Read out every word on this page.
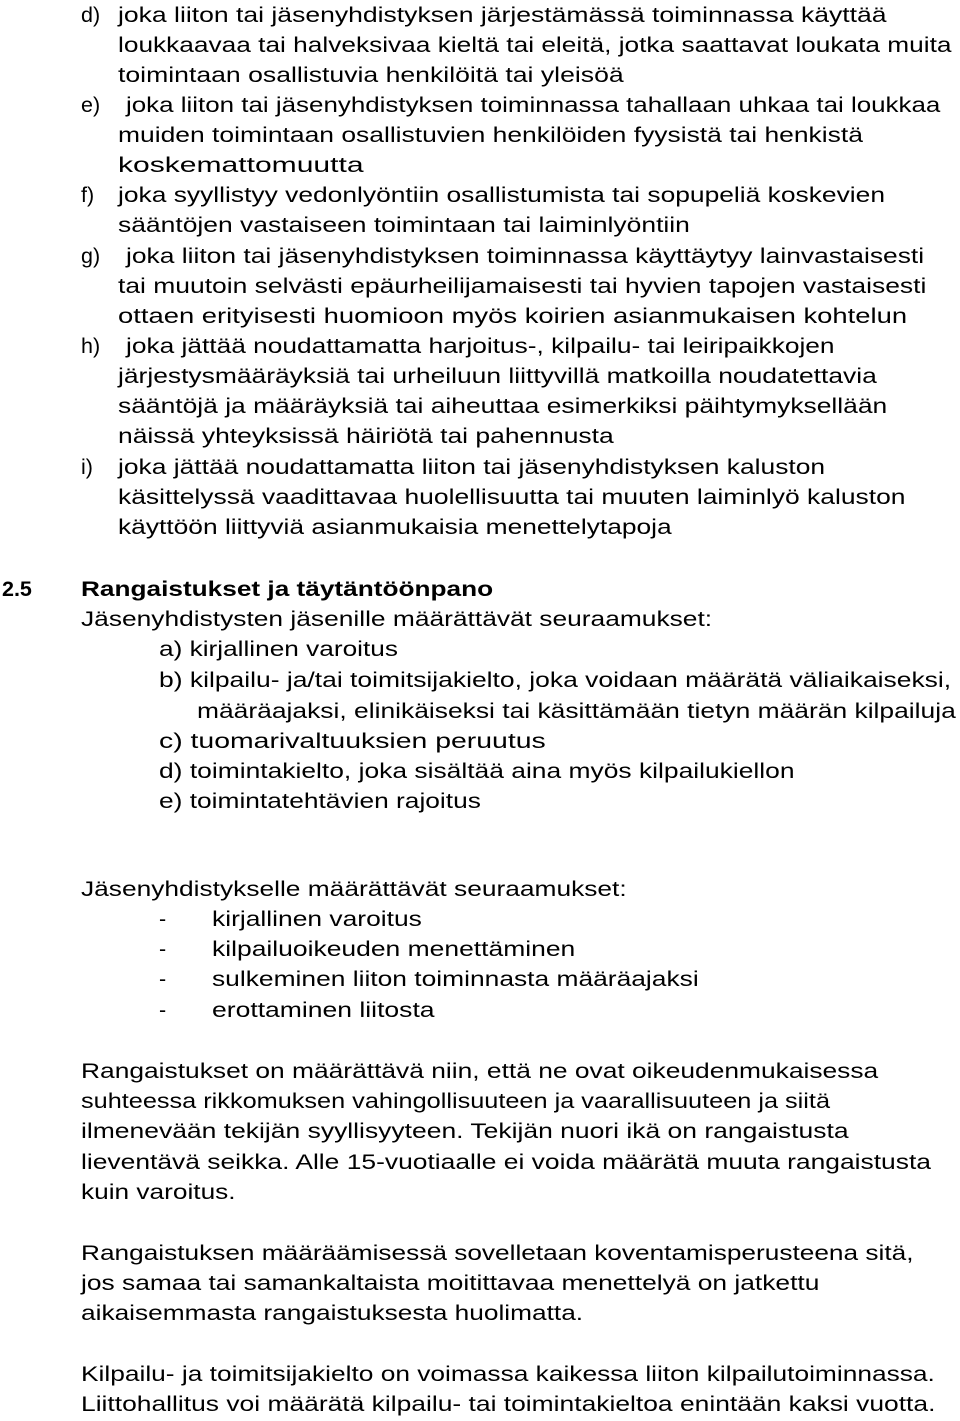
d) joka liiton tai jäsenyhdistyksen järjestämässä toiminnassa käyttää
loukkaavaa tai halveksivaa kieltä tai eleitä, jotka saattavat loukata muita
toimintaan osallistuvia henkilöitä tai yleisöä
e) joka liiton tai jäsenyhdistyksen toiminnassa tahallaan uhkaa tai loukkaa
muiden toimintaan osallistuvien henkilöiden fyysistä tai henkistä
koskemattomuutta
f) joka syyllistyy vedonlyöntiin osallistumista tai sopupeliä koskevien
sääntöjen vastaiseen toimintaan tai laiminlyöntiin
g) joka liiton tai jäsenyhdistyksen toiminnassa käyttäytyy lainvastaisesti
tai muutoin selvästi epäurheilijamaisesti tai hyvien tapojen vastaisesti
ottaen erityisesti huomioon myös koirien asianmukaisen kohtelun
h) joka jättää noudattamatta harjoitus-, kilpailu- tai leiripaikkojen
järjestysmääräyksiä tai urheiluun liittyvillä matkoilla noudatettavia
sääntöjä ja määräyksiä tai aiheuttaa esimerkiksi päihtymyksellään
näissä yhteyksissä häiriötä tai pahennusta
i) joka jättää noudattamatta liiton tai jäsenyhdistyksen kaluston
käsittelyssä vaadittavaa huolellisuutta tai muuten laiminlyö kaluston
käyttöön liittyviä asianmukaisia menettelytapoja
2.5 Rangaistukset ja täytäntöönpano
Jäsenyhdistysten jäsenille määrättävät seuraamukset:
a) kirjallinen varoitus
b) kilpailu- ja/tai toimitsijakielto, joka voidaan määrätä väliaikaiseksi,
määräajaksi, elinikäiseksi tai käsittämään tietyn määrän kilpailuja
c) tuomarivaltuuksien peruutus
d) toimintakielto, joka sisältää aina myös kilpailukiellon
e) toimintatehtävien rajoitus
Jäsenyhdistykselle määrättävät seuraamukset:
- kirjallinen varoitus
- kilpailuoikeuden menettäminen
- sulkeminen liiton toiminnasta määräajaksi
- erottaminen liitosta
Rangaistukset on määrättävä niin, että ne ovat oikeudenmukaisessa
suhteessa rikkomuksen vahingollisuuteen ja vaarallisuuteen ja siitä
ilmenevään tekijän syyllisyyteen. Tekijän nuori ikä on rangaistusta
lieventävä seikka. Alle 15-vuotiaalle ei voida määrätä muuta rangaistusta
kuin varoitus.
Rangaistuksen määräämisessä sovelletaan koventamisperusteena sitä,
jos samaa tai samankaltaista moitittavaa menettelyä on jatkettu
aikaisemmasta rangaistuksesta huolimatta.
Kilpailu- ja toimitsijakielto on voimassa kaikessa liiton kilpailutoiminnassa.
Liittohallitus voi määrätä kilpailu- tai toimintakieltoa enintään kaksi vuotta.
